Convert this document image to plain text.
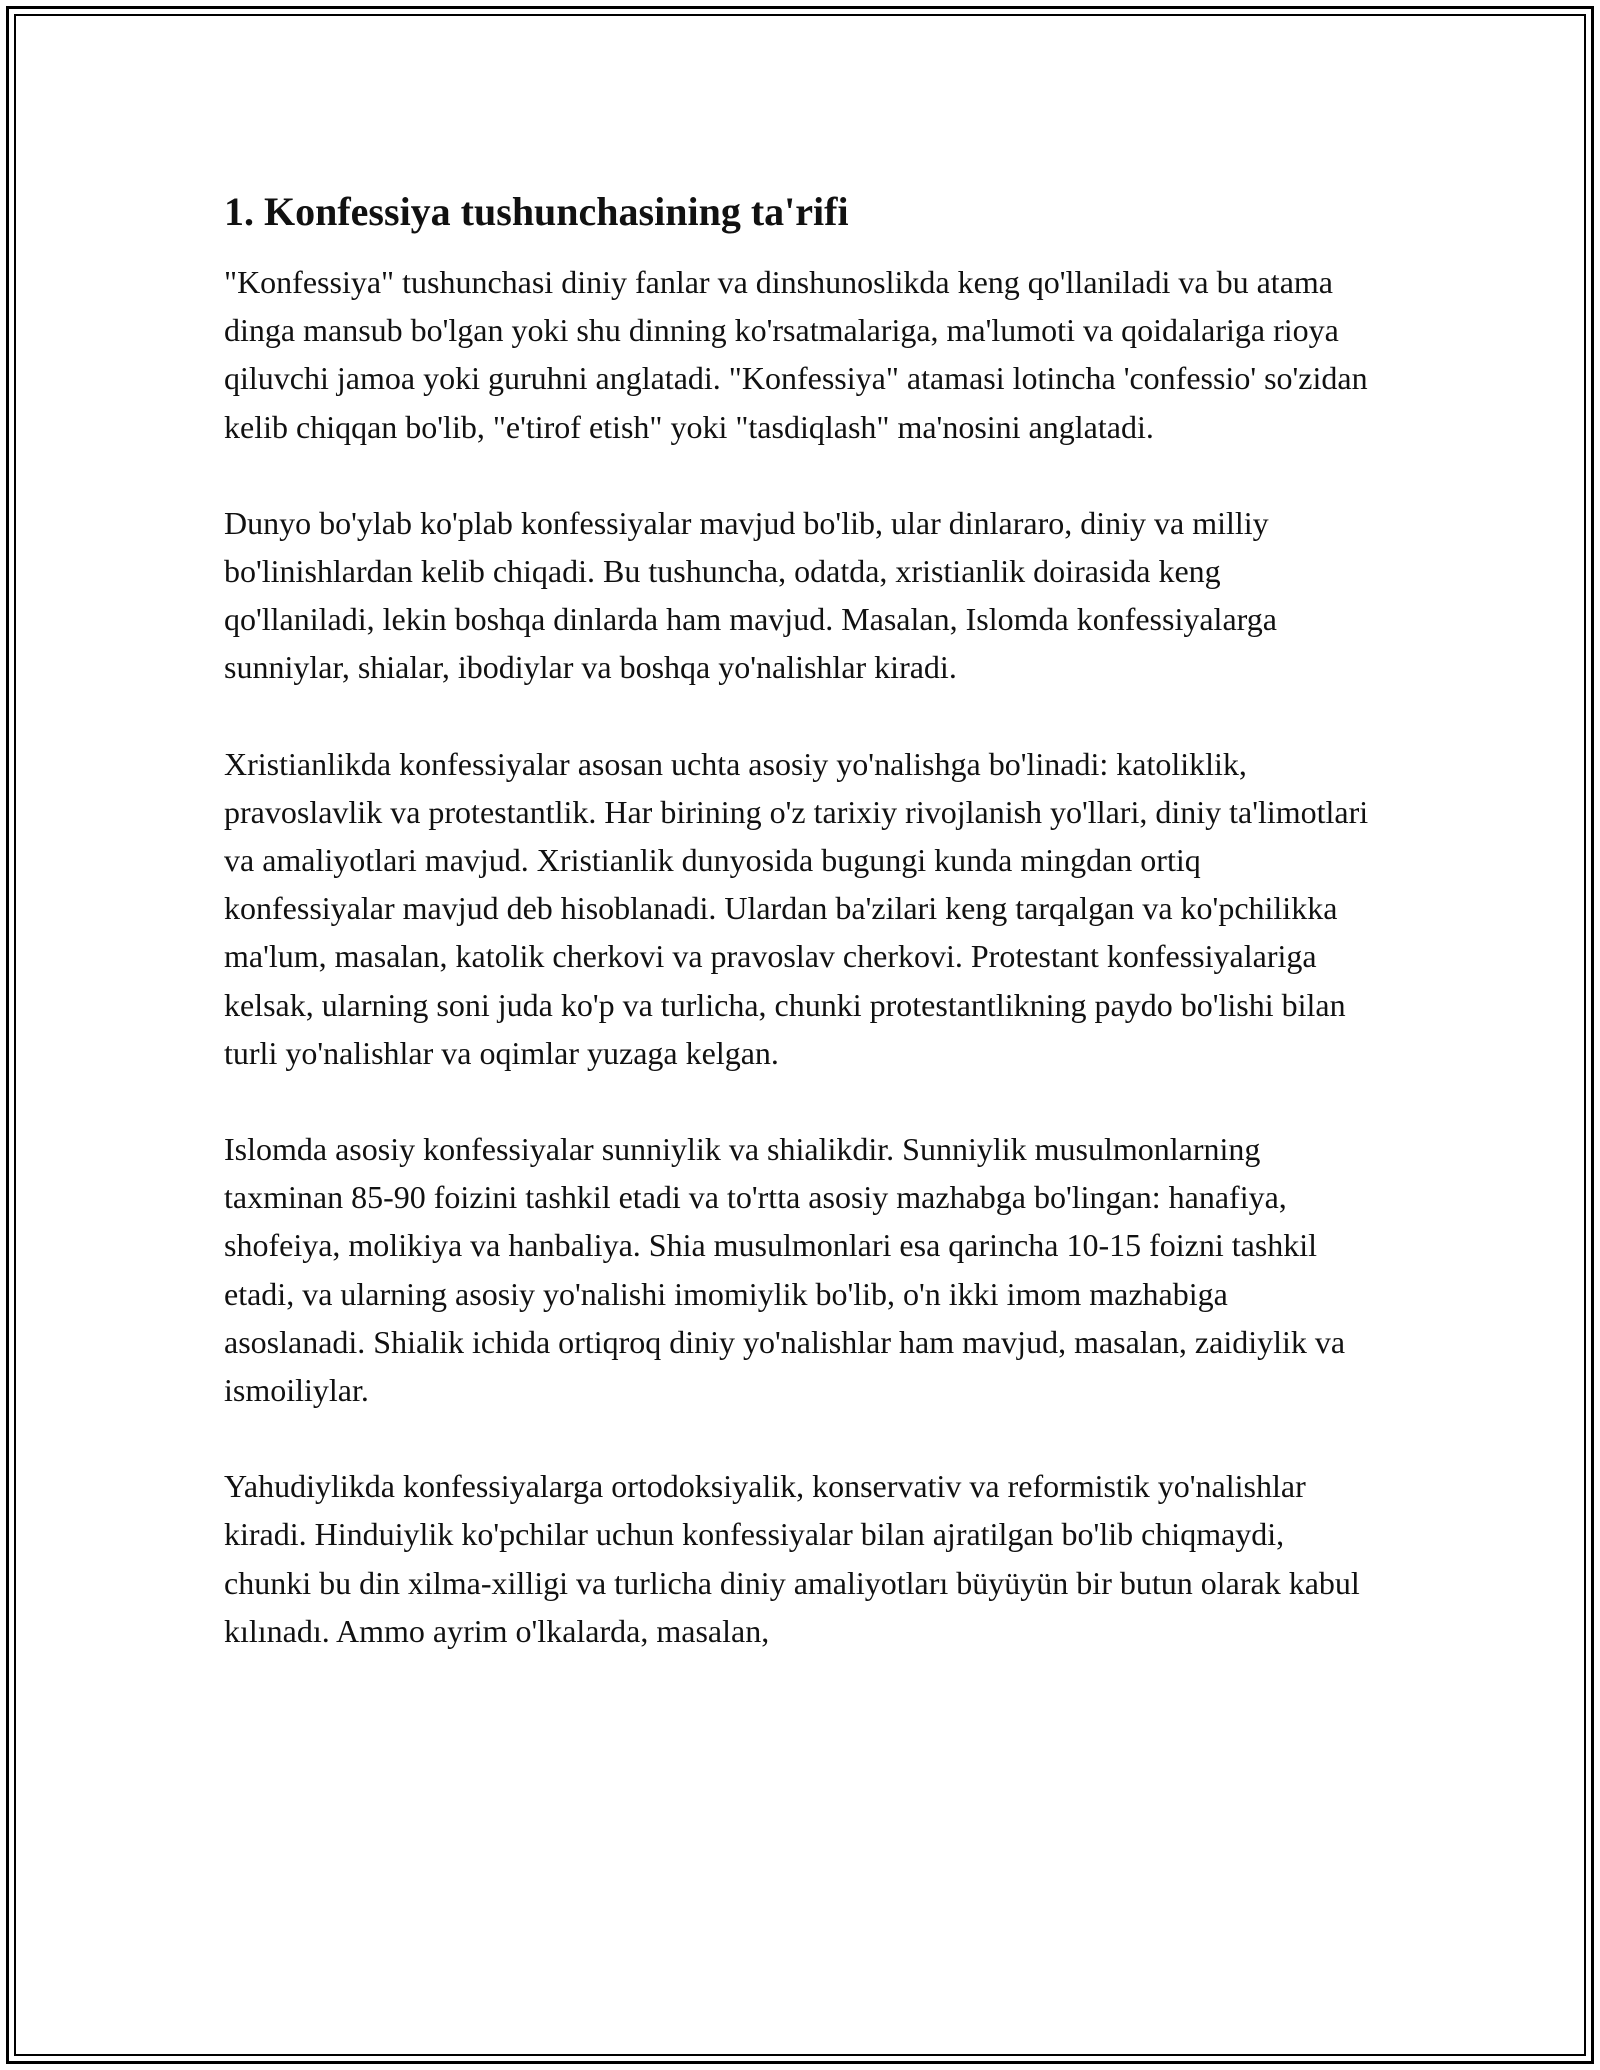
1. Konfessiya tushunchasining ta'rifi

"Konfessiya" tushunchasi diniy fanlar va dinshunoslikda keng qo'llaniladi va bu atama dinga mansub bo'lgan yoki shu dinning ko'rsatmalariga, ma'lumoti va qoidalariga rioya qiluvchi jamoa yoki guruhni anglatadi. "Konfessiya" atamasi lotincha 'confessio' so'zidan kelib chiqqan bo'lib, "e'tirof etish" yoki "tasdiqlash" ma'nosini anglatadi.

Dunyo bo'ylab ko'plab konfessiyalar mavjud bo'lib, ular dinlararo, diniy va milliy bo'linishlardan kelib chiqadi. Bu tushuncha, odatda, xristianlik doirasida keng qo'llaniladi, lekin boshqa dinlarda ham mavjud. Masalan, Islomda konfessiyalarga sunniylar, shialar, ibodiylar va boshqa yo'nalishlar kiradi.

Xristianlikda konfessiyalar asosan uchta asosiy yo'nalishga bo'linadi: katoliklik, pravoslavlik va protestantlik. Har birining o'z tarixiy rivojlanish yo'llari, diniy ta'limotlari va amaliyotlari mavjud. Xristianlik dunyosida bugungi kunda mingdan ortiq konfessiyalar mavjud deb hisoblanadi. Ulardan ba'zilari keng tarqalgan va ko'pchilikka ma'lum, masalan, katolik cherkovi va pravoslav cherkovi. Protestant konfessiyalariga kelsak, ularning soni juda ko'p va turlicha, chunki protestantlikning paydo bo'lishi bilan turli yo'nalishlar va oqimlar yuzaga kelgan.

Islomda asosiy konfessiyalar sunniylik va shialikdir. Sunniylik musulmonlarning taxminan 85-90 foizini tashkil etadi va to'rtta asosiy mazhabga bo'lingan: hanafiya, shofeiya, molikiya va hanbaliya. Shia musulmonlari esa qarincha 10-15 foizni tashkil etadi, va ularning asosiy yo'nalishi imomiylik bo'lib, o'n ikki imom mazhabiga asoslanadi. Shialik ichida ortiqroq diniy yo'nalishlar ham mavjud, masalan, zaidiylik va ismoiliylar.

Yahudiylikda konfessiyalarga ortodoksiyalik, konservativ va reformistik yo'nalishlar kiradi. Hinduiylik ko'pchilar uchun konfessiyalar bilan ajratilgan bo'lib chiqmaydi, chunki bu din xilma-xilligi va turlicha diniy amaliyotları büyüyün bir butun olarak kabul kılınadı. Ammo ayrim o'lkalarda, masalan,
